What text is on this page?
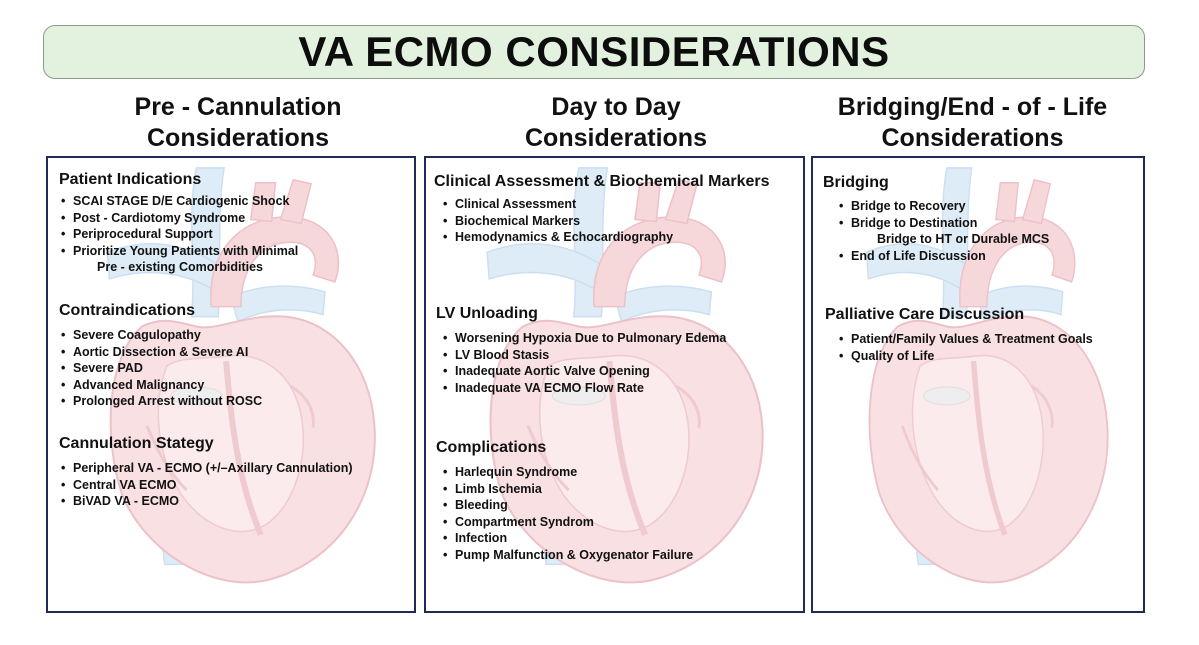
VA ECMO CONSIDERATIONS
Pre - Cannulation
Considerations
Day to Day
Considerations
Bridging/End - of - Life
Considerations
Patient Indications
• SCAI STAGE D/E Cardiogenic Shock
• Post - Cardiotomy Syndrome
• Periprocedural Support
• Prioritize Young Patients with Minimal
Pre - existing Comorbidities
Contraindications
• Severe Coagulopathy
• Aortic Dissection & Severe AI
• Severe PAD
• Advanced Malignancy
• Prolonged Arrest without ROSC
Cannulation Stategy
• Peripheral VA - ECMO (+/–Axillary Cannulation)
• Central VA ECMO
• BiVAD VA - ECMO
Clinical Assessment & Biochemical Markers
• Clinical Assessment
• Biochemical Markers
• Hemodynamics & Echocardiography
LV Unloading
• Worsening Hypoxia Due to Pulmonary Edema
• LV Blood Stasis
• Inadequate Aortic Valve Opening
• Inadequate VA ECMO Flow Rate
Complications
• Harlequin Syndrome
• Limb Ischemia
• Bleeding
• Compartment Syndrom
• Infection
• Pump Malfunction & Oxygenator Failure
Bridging
• Bridge to Recovery
• Bridge to Destination
Bridge to HT or Durable MCS
• End of Life Discussion
Palliative Care Discussion
• Patient/Family Values & Treatment Goals
• Quality of Life
